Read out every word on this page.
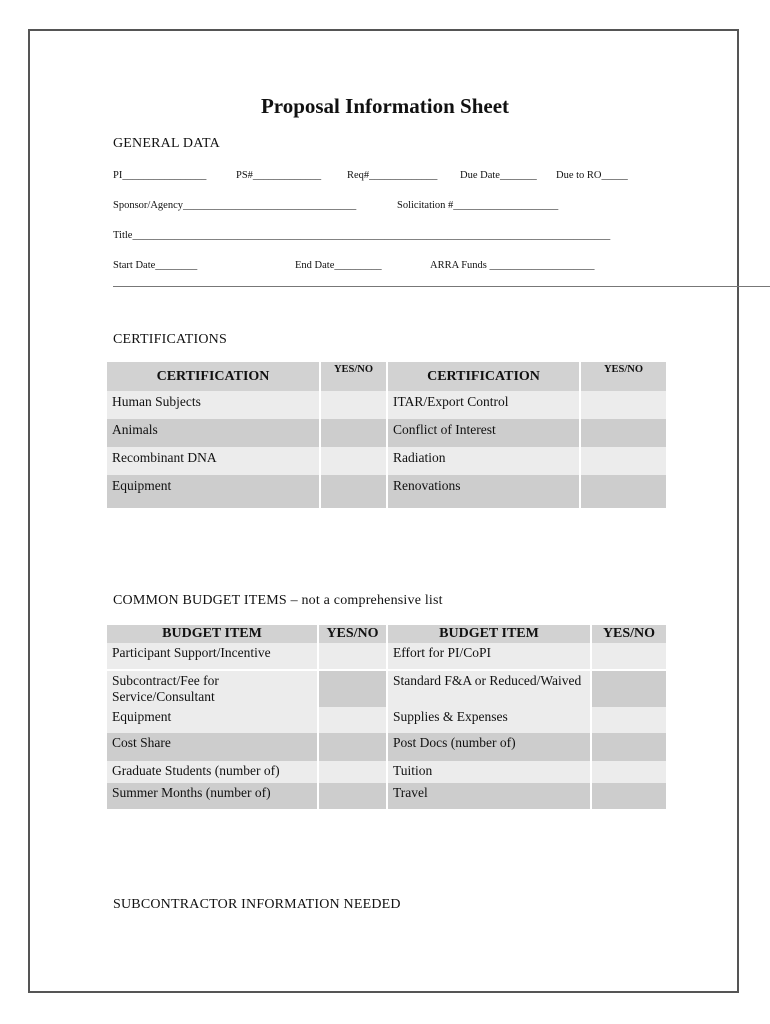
Proposal Information Sheet
GENERAL DATA
PI________________	PS#_____________ Req#_____________ Due Date_______ Due to RO_____
Sponsor/Agency_________________________________	Solicitation #____________________
Title___________________________________________________________________________________________
Start Date________	End Date_________	ARRA Funds ____________________
CERTIFICATIONS
CERTIFICATION	YES/NO	CERTIFICATION	YES/NO
Human Subjects		ITAR/Export Control	
Animals		Conflict of Interest	
Recombinant DNA		Radiation	
Equipment		Renovations	
COMMON BUDGET ITEMS – not a comprehensive list
BUDGET ITEM	YES/NO	BUDGET ITEM	YES/NO
Participant Support/Incentive		Effort for PI/CoPI	

Subcontract/Fee for Service/Consultant		Standard F&A or Reduced/Waived	
Equipment		Supplies & Expenses	
Cost Share		Post Docs (number of)	
Graduate Students (number of)		Tuition	
Summer Months (number of)		Travel	
SUBCONTRACTOR INFORMATION NEEDED
